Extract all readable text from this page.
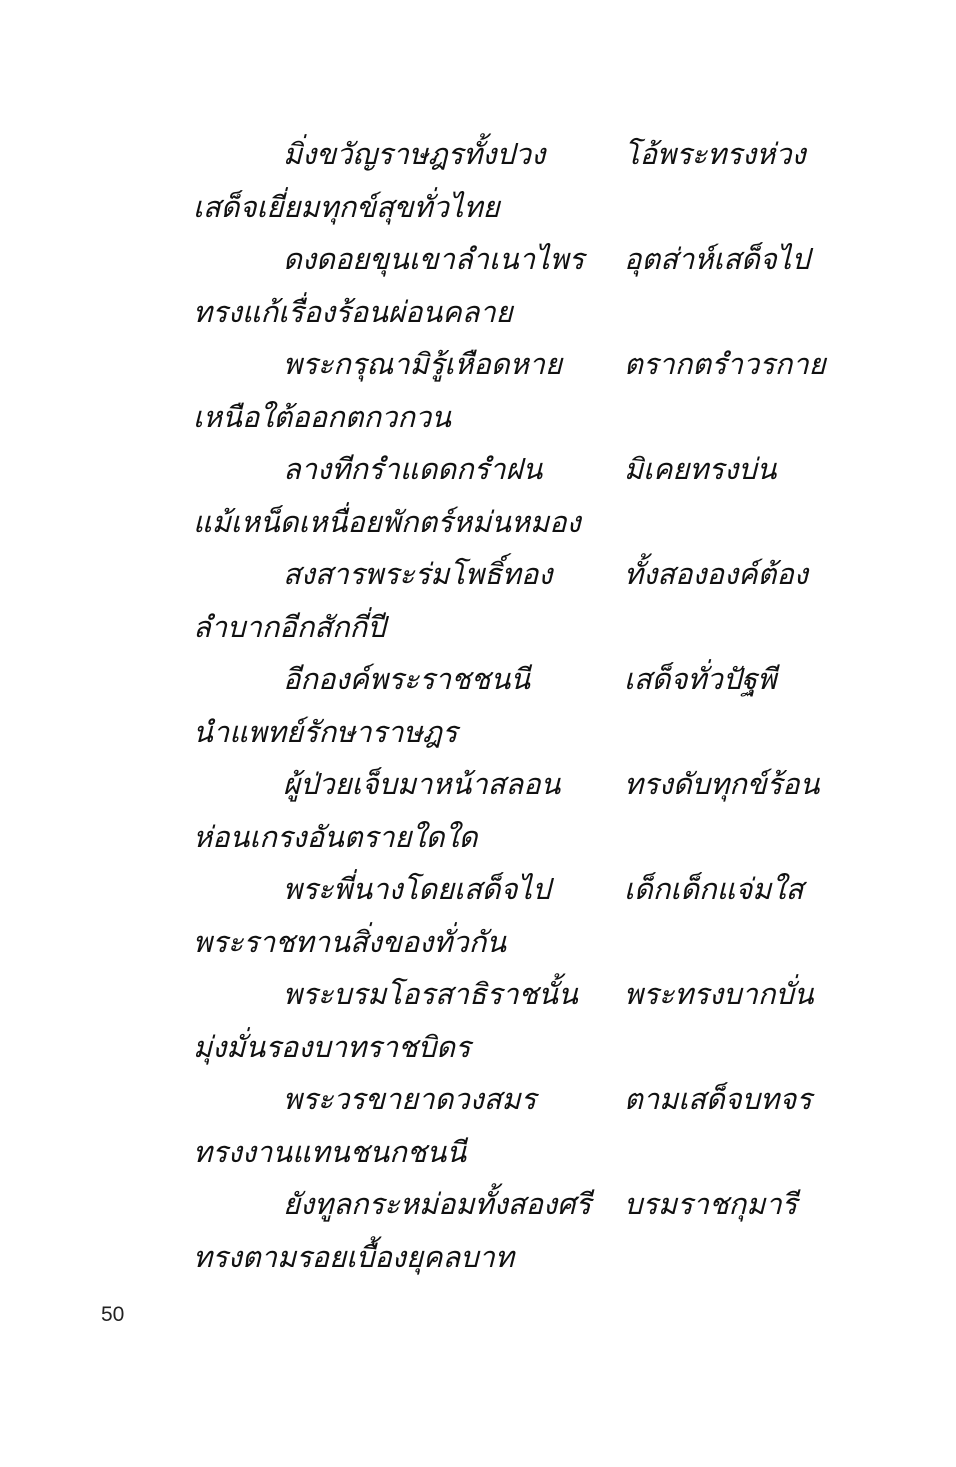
มิ่งขวัญราษฎรทั้งปวง	โอ้พระทรงห่วง
เสด็จเยี่ยมทุกข์สุขทั่วไทย
ดงดอยขุนเขาลำเนาไพร อุตส่าห์เสด็จไป
ทรงแก้เรื่องร้อนผ่อนคลาย
พระกรุณามิรู้เหือดหาย ตรากตรำวรกาย
เหนือใต้ออกตกวกวน
ลางทีกรำแดดกรำฝน	มิเคยทรงบ่น
แม้เหน็ดเหนื่อยพักตร์หม่นหมอง
สงสารพระร่มโพธิ์ทอง ทั้งสององค์ต้อง
ลำบากอีกสักกี่ปี
อีกองค์พระราชชนนี	เสด็จทั่วปัฐพี
นำแพทย์รักษาราษฎร
ผู้ป่วยเจ็บมาหน้าสลอน ทรงดับทุกข์ร้อน
ห่อนเกรงอันตรายใดใด
พระพี่นางโดยเสด็จไป	เด็กเด็กแจ่มใส
พระราชทานสิ่งของทั่วกัน
พระบรมโอรสาธิราชนั้น พระทรงบากบั่น
มุ่งมั่นรองบาทราชบิดร
พระวรขายาดวงสมร	ตามเสด็จบทจร
ทรงงานแทนชนกชนนี
ยังทูลกระหม่อมทั้งสองศรี บรมราชกุมารี
ทรงตามรอยเบื้องยุคลบาท
50
